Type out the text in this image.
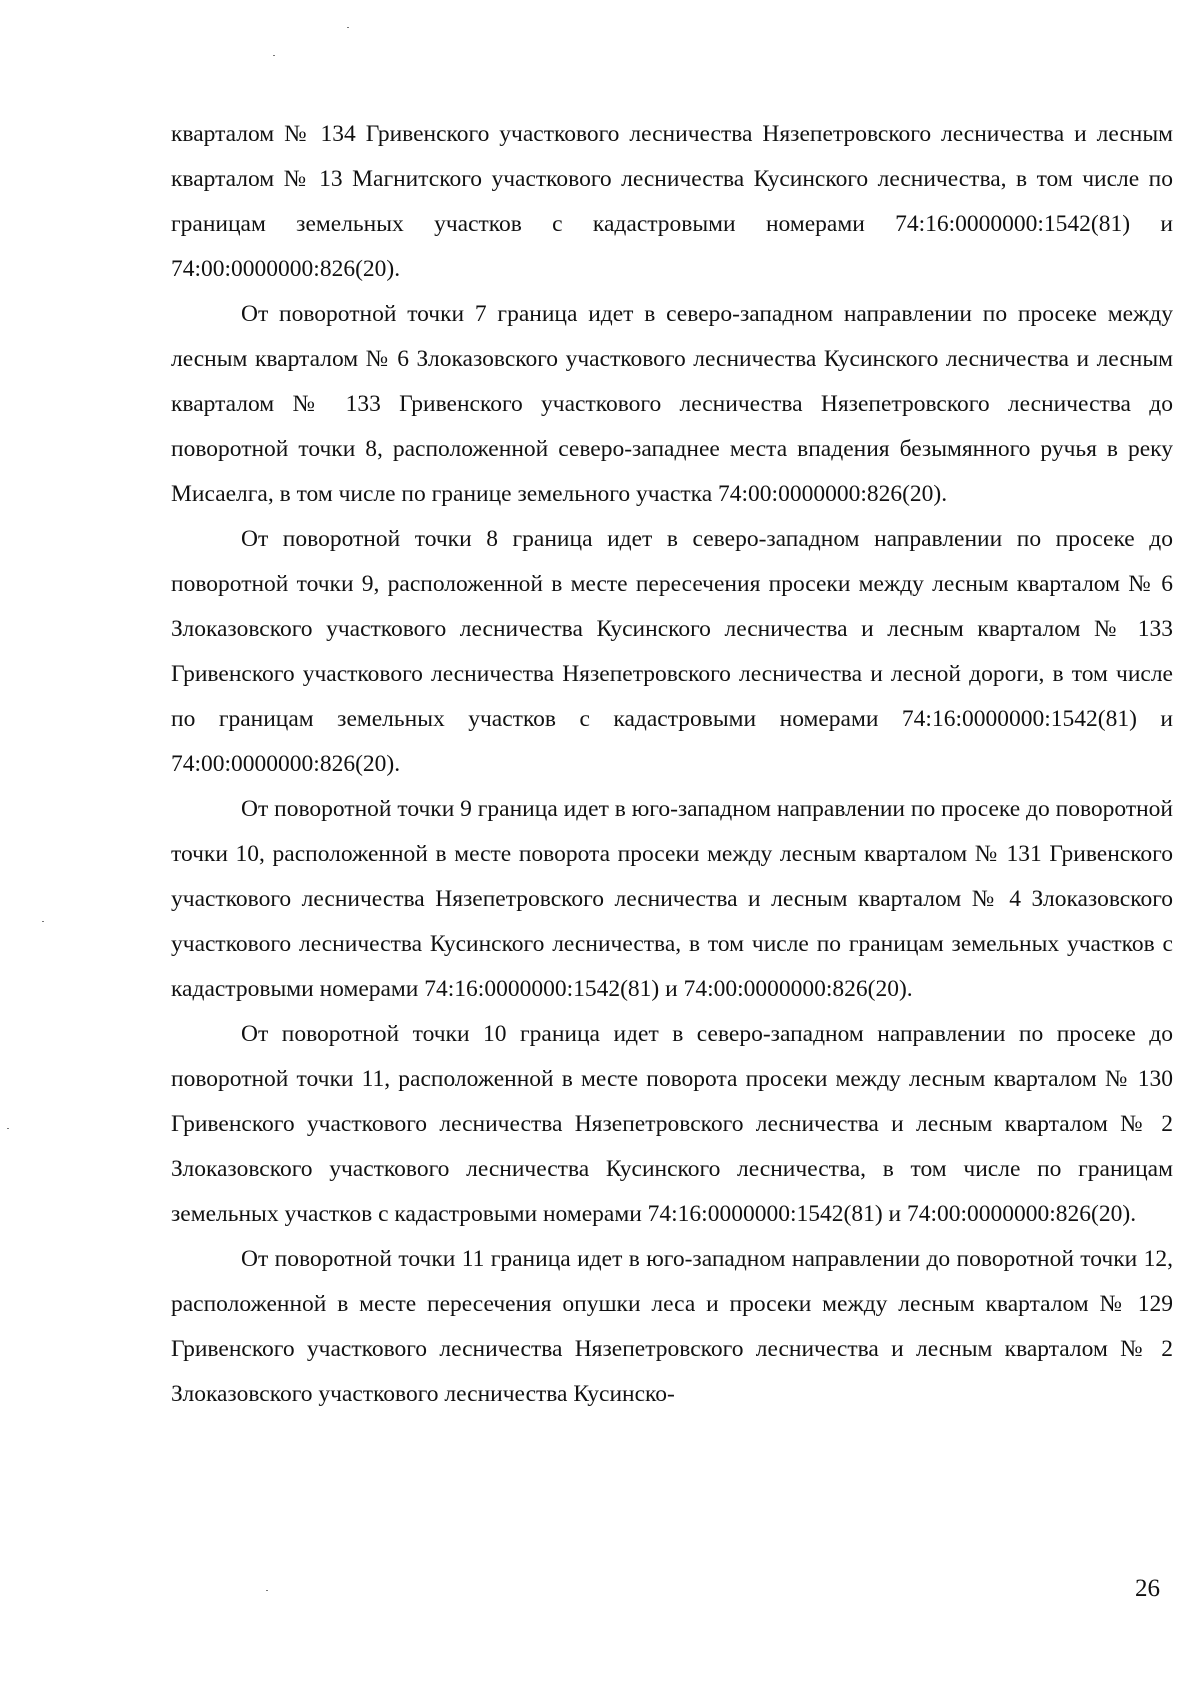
кварталом № 134 Гривенского участкового лесничества Нязепетровского лесничества и лесным кварталом № 13 Магнитского участкового лесничества Кусинского лесничества, в том числе по границам земельных участков с кадастровыми номерами 74:16:0000000:1542(81) и 74:00:0000000:826(20).

От поворотной точки 7 граница идет в северо-западном направлении по просеке между лесным кварталом № 6 Злоказовского участкового лесничества Кусинского лесничества и лесным кварталом № 133 Гривенского участкового лесничества Нязепетровского лесничества до поворотной точки 8, расположенной северо-западнее места впадения безымянного ручья в реку Мисаелга, в том числе по границе земельного участка 74:00:0000000:826(20).

От поворотной точки 8 граница идет в северо-западном направлении по просеке до поворотной точки 9, расположенной в месте пересечения просеки между лесным кварталом № 6 Злоказовского участкового лесничества Кусинского лесничества и лесным кварталом № 133 Гривенского участкового лесничества Нязепетровского лесничества и лесной дороги, в том числе по границам земельных участков с кадастровыми номерами 74:16:0000000:1542(81) и 74:00:0000000:826(20).

От поворотной точки 9 граница идет в юго-западном направлении по просеке до поворотной точки 10, расположенной в месте поворота просеки между лесным кварталом № 131 Гривенского участкового лесничества Нязепетровского лесничества и лесным кварталом № 4 Злоказовского участкового лесничества Кусинского лесничества, в том числе по границам земельных участков с кадастровыми номерами 74:16:0000000:1542(81) и 74:00:0000000:826(20).

От поворотной точки 10 граница идет в северо-западном направлении по просеке до поворотной точки 11, расположенной в месте поворота просеки между лесным кварталом № 130 Гривенского участкового лесничества Нязепетровского лесничества и лесным кварталом № 2 Злоказовского участкового лесничества Кусинского лесничества, в том числе по границам земельных участков с кадастровыми номерами 74:16:0000000:1542(81) и 74:00:0000000:826(20).

От поворотной точки 11 граница идет в юго-западном направлении до поворотной точки 12, расположенной в месте пересечения опушки леса и просеки между лесным кварталом № 129 Гривенского участкового лесничества Нязепетровского лесничества и лесным кварталом № 2 Злоказовского участкового лесничества Кусинско-

26
